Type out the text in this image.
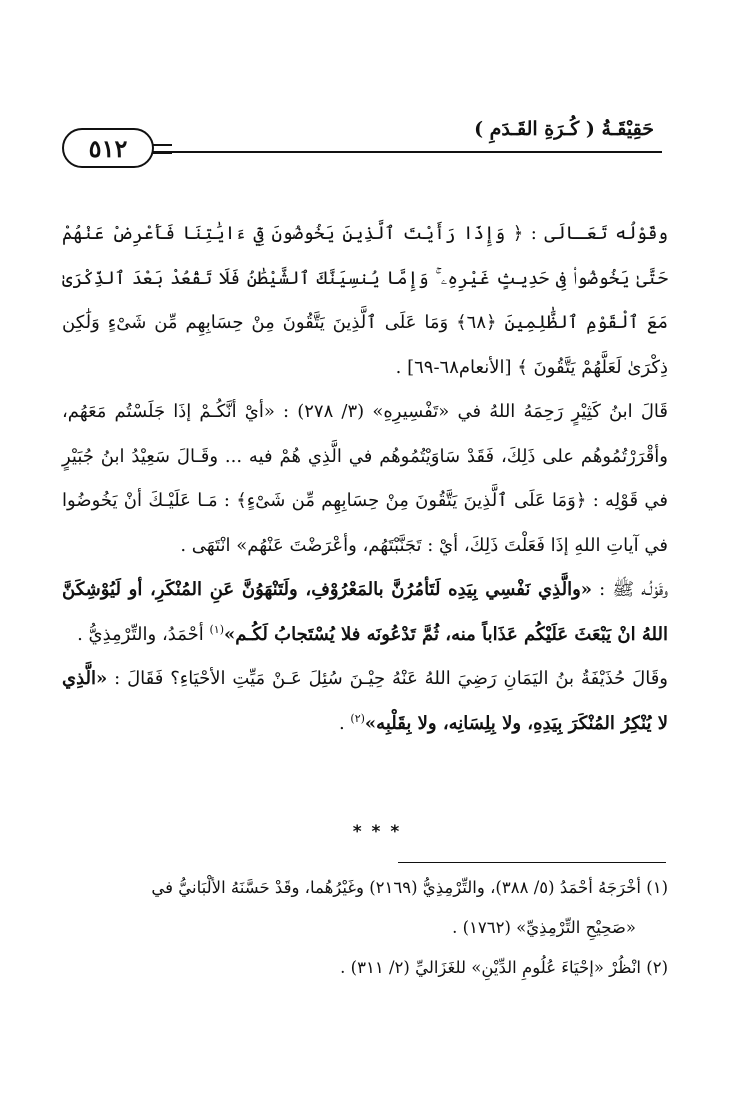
حَقِيْقَـةُ ( كُـرَةِ القَـدَمِ )
٥١٢

وقَوْلُه تَعَـالَى : ﴿ وَإِذَا رَأَيْتَ ٱلَّذِينَ يَخُوضُونَ فِيٓ ءَايَٰتِنَا فَأَعْرِضْ عَنْهُمْ حَتَّىٰ يَخُوضُوا۟ فِى حَدِيثٍ غَيْرِهِۦ ۚ وَإِمَّا يُنسِيَنَّكَ ٱلشَّيْطَٰنُ فَلَا تَقْعُدْ بَعْدَ ٱلذِّكْرَىٰ مَعَ ٱلْقَوْمِ ٱلظَّٰلِمِينَ ﴿٦٨﴾ وَمَا عَلَى ٱلَّذِينَ يَتَّقُونَ مِنْ حِسَابِهِم مِّن شَىْءٍ وَلَٰكِن ذِكْرَىٰ لَعَلَّهُمْ يَتَّقُونَ ﴾ [الأنعام٦٨-٦٩] .

قَالَ ابنُ كَثِيْرٍ رَحِمَهُ اللهُ في «تَفْسِيرِهِ» (٣/ ٢٧٨) : «أيْ أنَّكُـمْ إذَا جَلَسْتُم مَعَهُم، وأقْرَرْتُمُوهُم على ذَلِكَ، فَقَدْ سَاوَيْتُمُوهُم في الَّذِي هُمْ فيه ... وقَـالَ سَعِيْدُ ابنُ جُبَيْرٍ في قَوْلِه : ﴿وَمَا عَلَى ٱلَّذِينَ يَتَّقُونَ مِنْ حِسَابِهِم مِّن شَىْءٍ﴾ : مَـا عَلَيْـكَ أنْ يَخُوضُوا في آياتِ اللهِ إذَا فَعَلْتَ ذَلِكَ، أيْ : تَجَنَّبْتَهُم، وأعْرَضْتَ عَنْهُم» انْتَهَى .

وقَوْلُـه ﷺ : «والَّذِي نَفْسِي بِيَدِه لَتَأمُرُنَّ بالمَعْرُوْفِ، ولَتَنْهَوُنَّ عَنِ المُنْكَرِ، أو لَيُوْشِكَنَّ اللهُ انْ يَبْعَثَ عَلَيْكُم عَذَاباً منه، ثُمَّ تَدْعُونَه فلا يُسْتَجابُ لَكُـم»$^{(١)}$ أحْمَدُ، والتِّرْمِذِيُّ .

وقَالَ حُذَيْفَةُ بنُ اليَمَانِ رَضِيَ اللهُ عَنْهُ حِيْـنَ سُئِلَ عَـنْ مَيِّتِ الأحْيَاءِ؟ فَقَالَ : «الَّذِي لا يُنْكِرُ المُنْكَرَ بِيَدِهِ، ولا بِلِسَانِه، ولا بِقَلْبِه»$^{(٢)}$ .

* * *

(١) أخْرَجَهُ أحْمَدُ (٥/ ٣٨٨)، والتِّرْمِذِيُّ (٢١٦٩) وغَيْرُهُما، وقَدْ حَسَّنَهُ الألْبَانيُّ في

«صَحِيْحِ التِّرْمِذِيِّ» (١٧٦٢) .

(٢) انْظُرْ «إحْيَاءَ عُلُومِ الدِّيْنِ» للغَزَاليِّ (٢/ ٣١١) .
